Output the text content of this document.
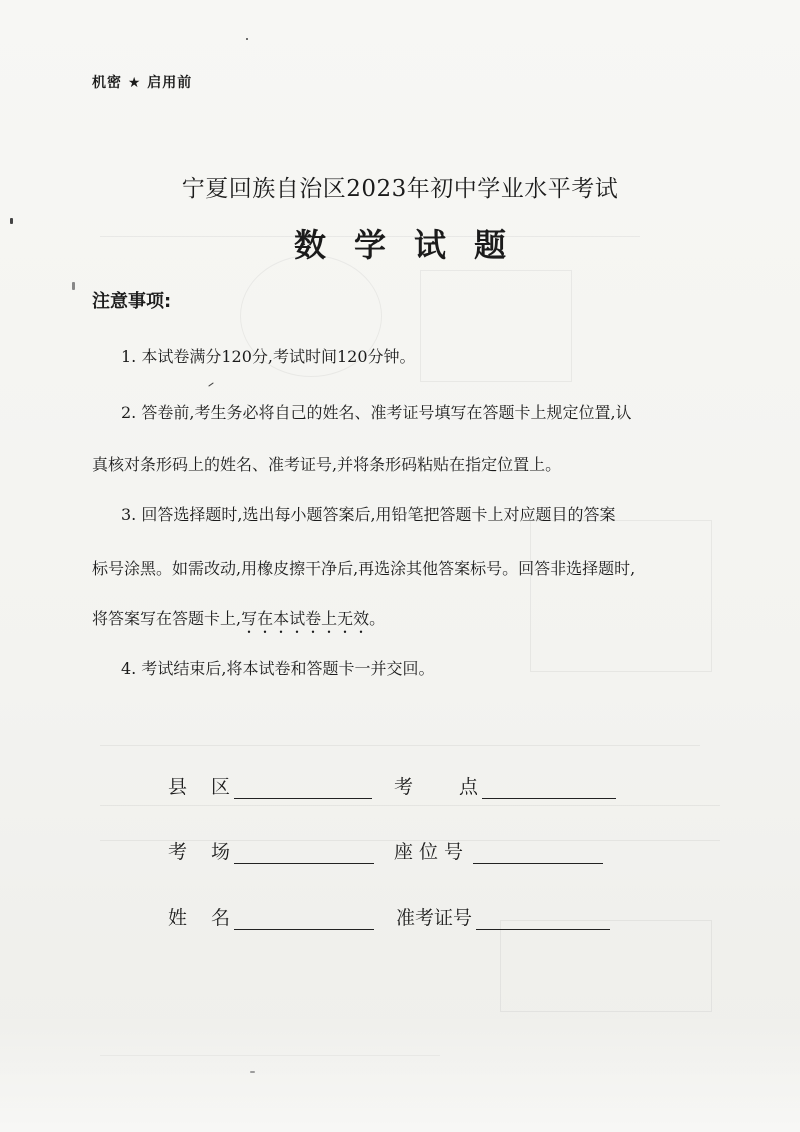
机密 ★ 启用前
宁夏回族自治区2023年初中学业水平考试
数学试题
注意事项:
1. 本试卷满分120分,考试时间120分钟。
2. 答卷前,考生务必将自己的姓名、准考证号填写在答题卡上规定位置,认
真核对条形码上的姓名、准考证号,并将条形码粘贴在指定位置上。
3. 回答选择题时,选出每小题答案后,用铅笔把答题卡上对应题目的答案
标号涂黑。如需改动,用橡皮擦干净后,再选涂其他答案标号。回答非选择题时,
将答案写在答题卡上,写在本试卷上无效。
4. 考试结束后,将本试卷和答题卡一并交回。
县 区	考 点
考 场	座位号
姓 名	准考证号
